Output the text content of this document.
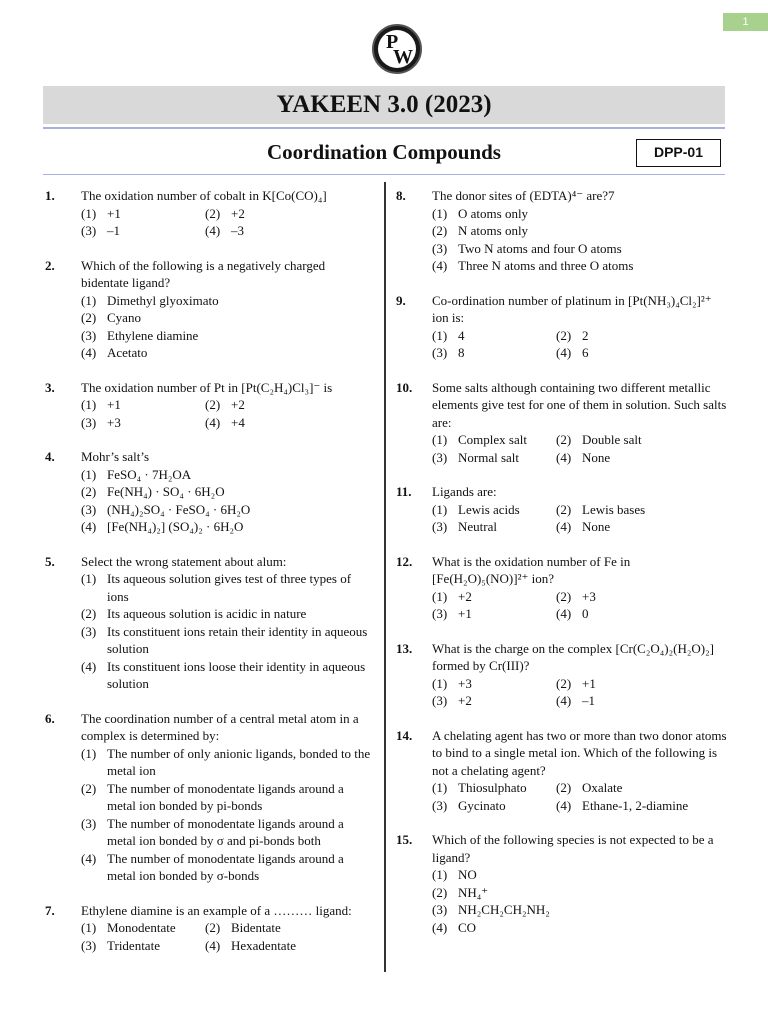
1
P
W
YAKEEN 3.0 (2023)
Coordination Compounds	DPP-01
1. The oxidation number of cobalt in K[Co(CO)₄]
(1) +1	(2) +2
(3) –1	(4) –3
2. Which of the following is a negatively charged bidentate ligand?
(1) Dimethyl glyoximato
(2) Cyano
(3) Ethylene diamine
(4) Acetato
3. The oxidation number of Pt in [Pt(C₂H₄)Cl₃]⁻ is
(1) +1	(2) +2
(3) +3	(4) +4
4. Mohr’s salt’s
(1) FeSO₄ · 7H₂OA
(2) Fe(NH₄) · SO₄ · 6H₂O
(3) (NH₄)₂SO₄ · FeSO₄ · 6H₂O
(4) [Fe(NH₄)₂] (SO₄)₂ · 6H₂O
5. Select the wrong statement about alum:
(1) Its aqueous solution gives test of three types of ions
(2) Its aqueous solution is acidic in nature
(3) Its constituent ions retain their identity in aqueous solution
(4) Its constituent ions loose their identity in aqueous solution
6. The coordination number of a central metal atom in a complex is determined by:
(1) The number of only anionic ligands, bonded to the metal ion
(2) The number of monodentate ligands around a metal ion bonded by pi-bonds
(3) The number of monodentate ligands around a metal ion bonded by σ and pi-bonds both
(4) The number of monodentate ligands around a metal ion bonded by σ-bonds
7. Ethylene diamine is an example of a ……… ligand:
(1) Monodentate	(2) Bidentate
(3) Tridentate	(4) Hexadentate
8. The donor sites of (EDTA)⁴⁻ are?7
(1) O atoms only
(2) N atoms only
(3) Two N atoms and four O atoms
(4) Three N atoms and three O atoms
9. Co-ordination number of platinum in [Pt(NH₃)₄Cl₂]²⁺ ion is:
(1) 4	(2) 2
(3) 8	(4) 6
10. Some salts although containing two different metallic elements give test for one of them in solution. Such salts are:
(1) Complex salt	(2) Double salt
(3) Normal salt	(4) None
11. Ligands are:
(1) Lewis acids	(2) Lewis bases
(3) Neutral	(4) None
12. What is the oxidation number of Fe in [Fe(H₂O)₅(NO)]²⁺ ion?
(1) +2	(2) +3
(3) +1	(4) 0
13. What is the charge on the complex [Cr(C₂O₄)₂(H₂O)₂] formed by Cr(III)?
(1) +3	(2) +1
(3) +2	(4) –1
14. A chelating agent has two or more than two donor atoms to bind to a single metal ion. Which of the following is not a chelating agent?
(1) Thiosulphato	(2) Oxalate
(3) Gycinato	(4) Ethane-1, 2-diamine
15. Which of the following species is not expected to be a ligand?
(1) NO
(2) NH₄⁺
(3) NH₂CH₂CH₂NH₂
(4) CO
